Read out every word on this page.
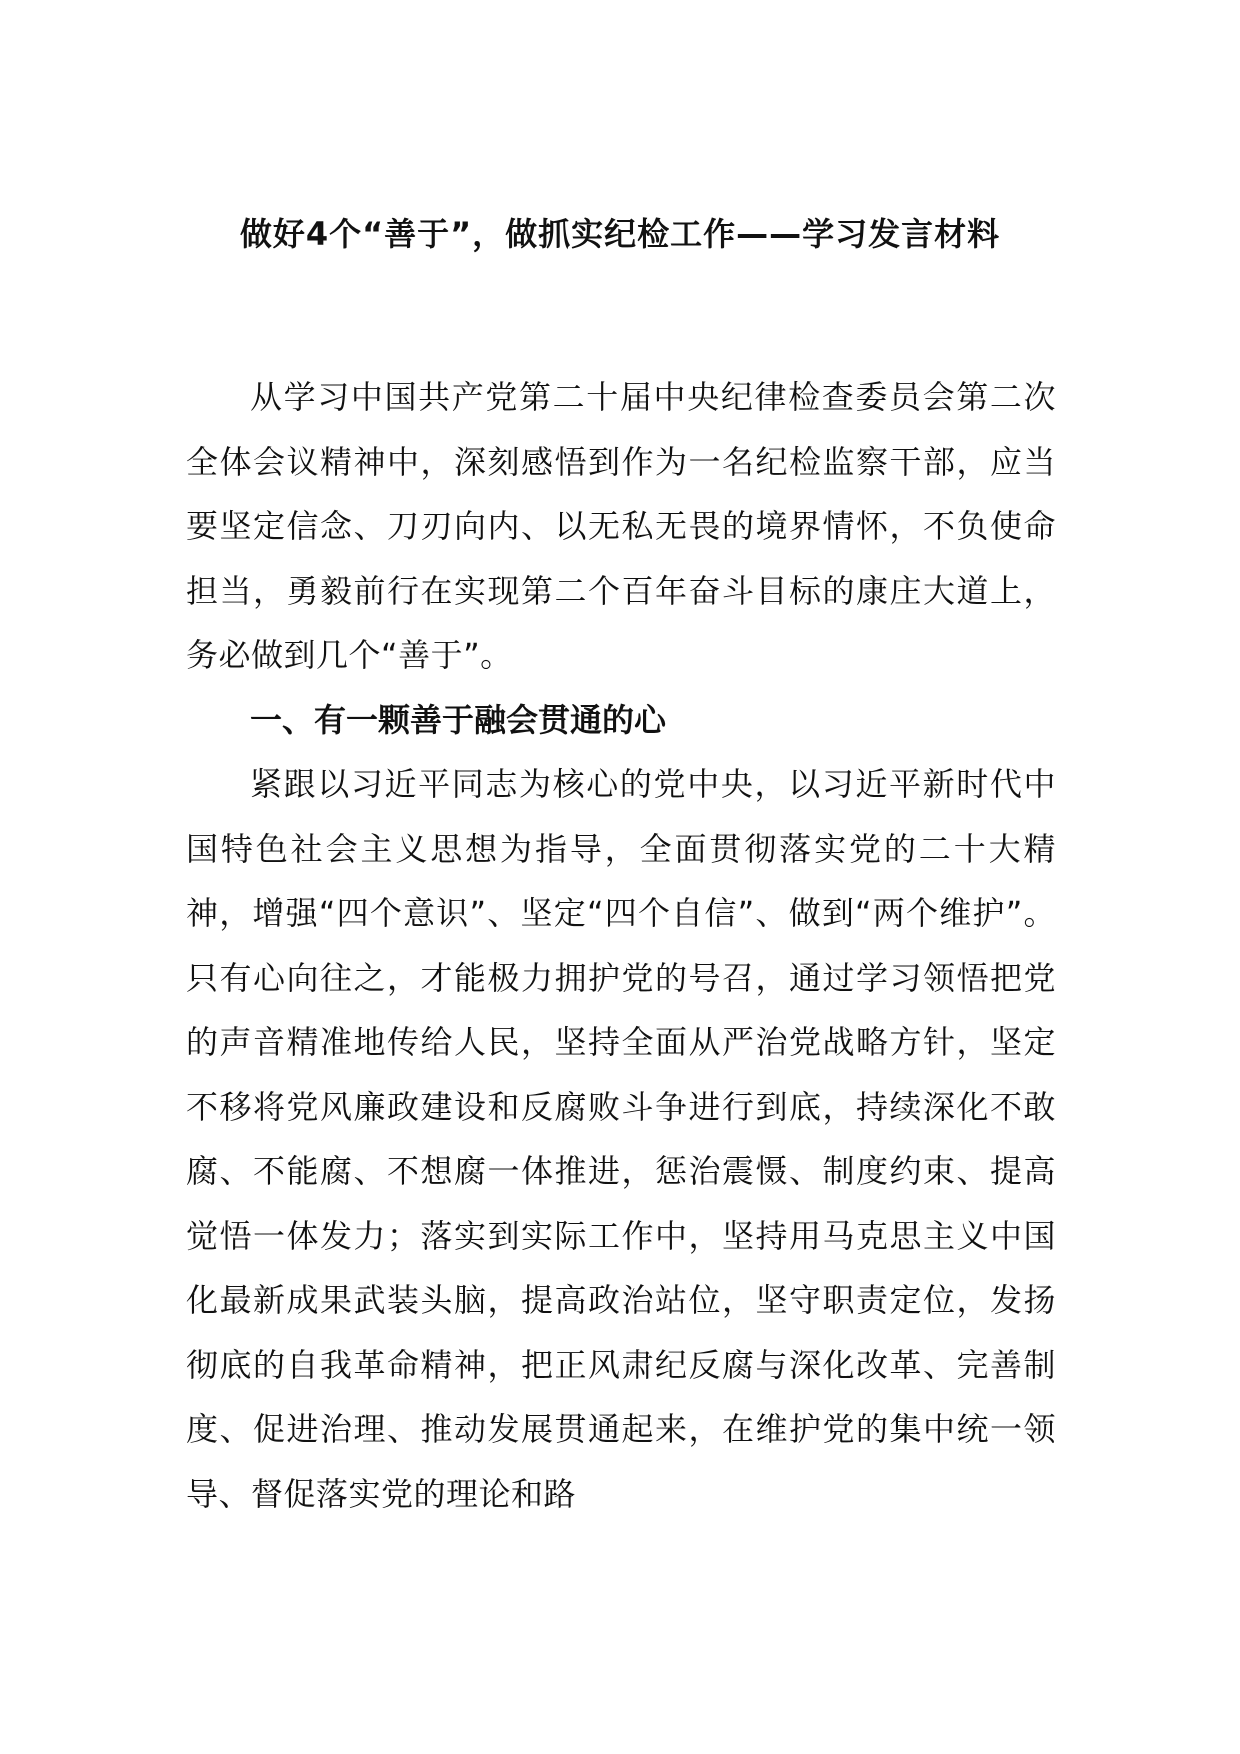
做好4个“善于”，做抓实纪检工作——学习发言材料

从学习中国共产党第二十届中央纪律检查委员会第二次全体会议精神中，深刻感悟到作为一名纪检监察干部，应当要坚定信念、刀刃向内、以无私无畏的境界情怀，不负使命担当，勇毅前行在实现第二个百年奋斗目标的康庄大道上，务必做到几个“善于”。

一、有一颗善于融会贯通的心

紧跟以习近平同志为核心的党中央，以习近平新时代中国特色社会主义思想为指导，全面贯彻落实党的二十大精神，增强“四个意识”、坚定“四个自信”、做到“两个维护”。只有心向往之，才能极力拥护党的号召，通过学习领悟把党的声音精准地传给人民，坚持全面从严治党战略方针，坚定不移将党风廉政建设和反腐败斗争进行到底，持续深化不敢腐、不能腐、不想腐一体推进，惩治震慑、制度约束、提高觉悟一体发力；落实到实际工作中，坚持用马克思主义中国化最新成果武装头脑，提高政治站位，坚守职责定位，发扬彻底的自我革命精神，把正风肃纪反腐与深化改革、完善制度、促进治理、推动发展贯通起来，在维护党的集中统一领导、督促落实党的理论和路
